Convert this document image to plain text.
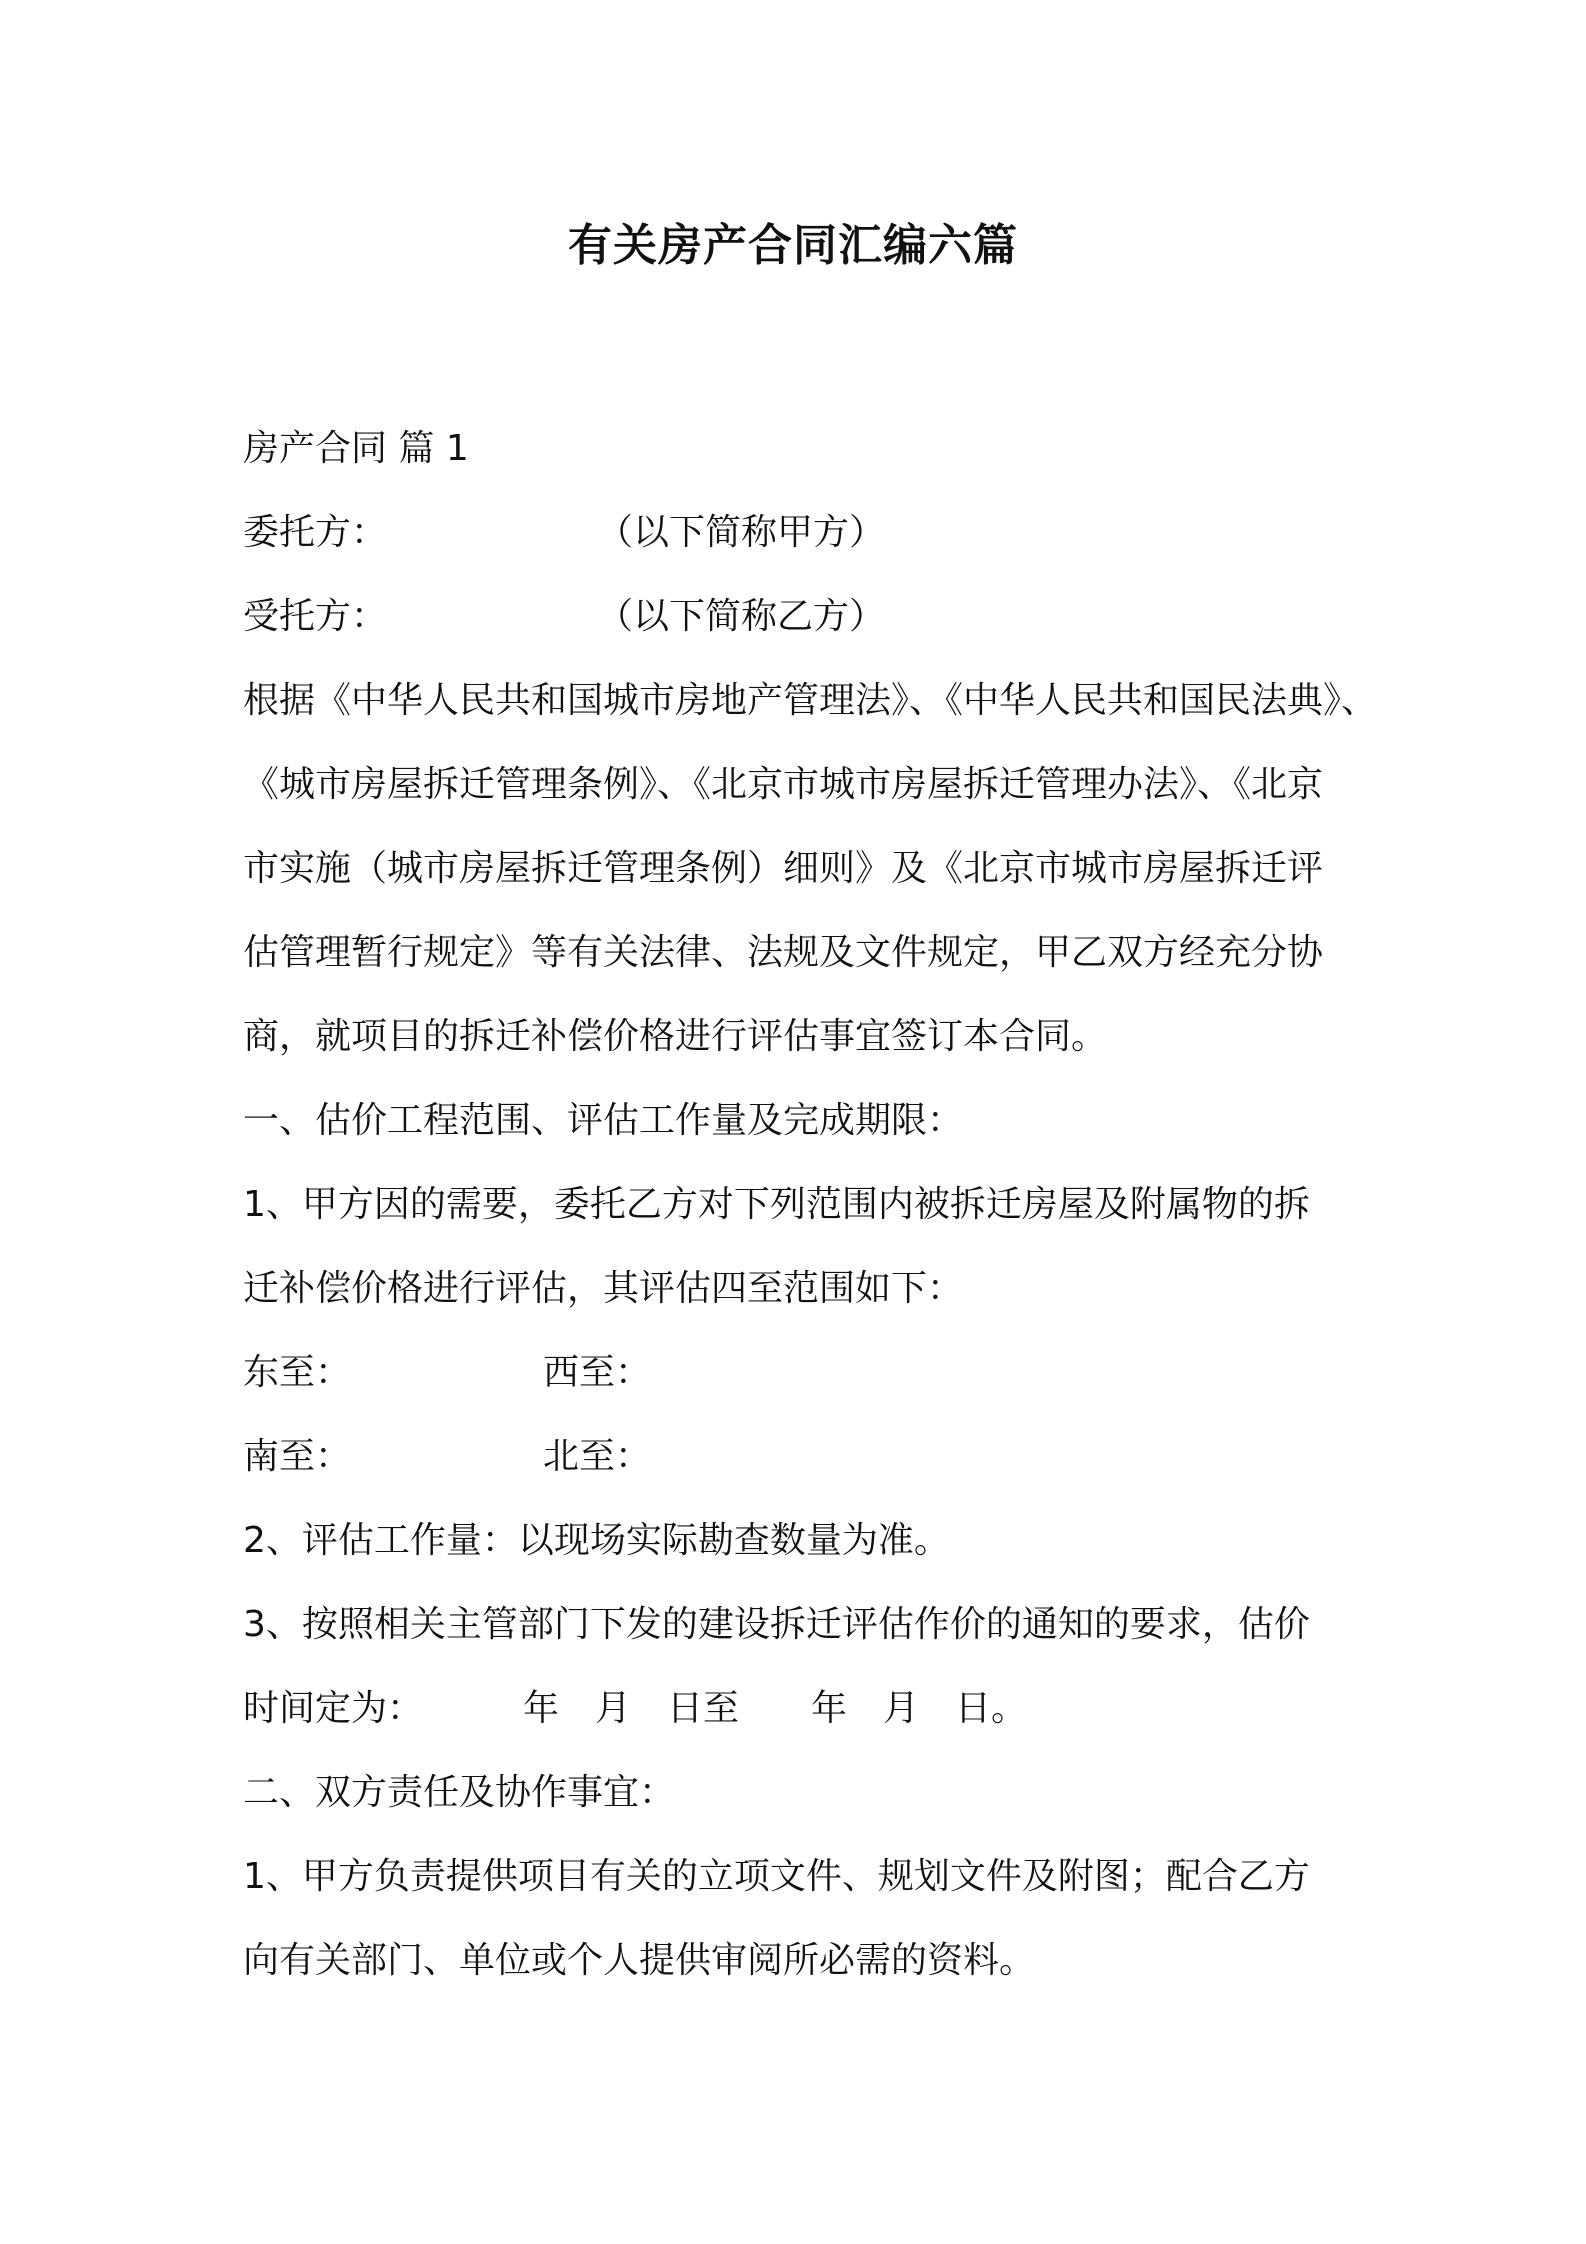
有关房产合同汇编六篇
房产合同 篇 1
委托方：	（以下简称甲方）
受托方：	（以下简称乙方）
根据《中华人民共和国城市房地产管理法》、《中华人民共和国民法典》、
《城市房屋拆迁管理条例》、《北京市城市房屋拆迁管理办法》、《北京
市实施（城市房屋拆迁管理条例）细则》及《北京市城市房屋拆迁评
估管理暂行规定》等有关法律、法规及文件规定，甲乙双方经充分协
商，就项目的拆迁补偿价格进行评估事宜签订本合同。
一、估价工程范围、评估工作量及完成期限：
1、甲方因的需要，委托乙方对下列范围内被拆迁房屋及附属物的拆
迁补偿价格进行评估，其评估四至范围如下：
东至：	西至：
南至：	北至：
2、评估工作量：以现场实际勘查数量为准。
3、按照相关主管部门下发的建设拆迁评估作价的通知的要求，估价
时间定为：	年　月　日至　　年　月　日。
二、双方责任及协作事宜：
1、甲方负责提供项目有关的立项文件、规划文件及附图；配合乙方
向有关部门、单位或个人提供审阅所必需的资料。
